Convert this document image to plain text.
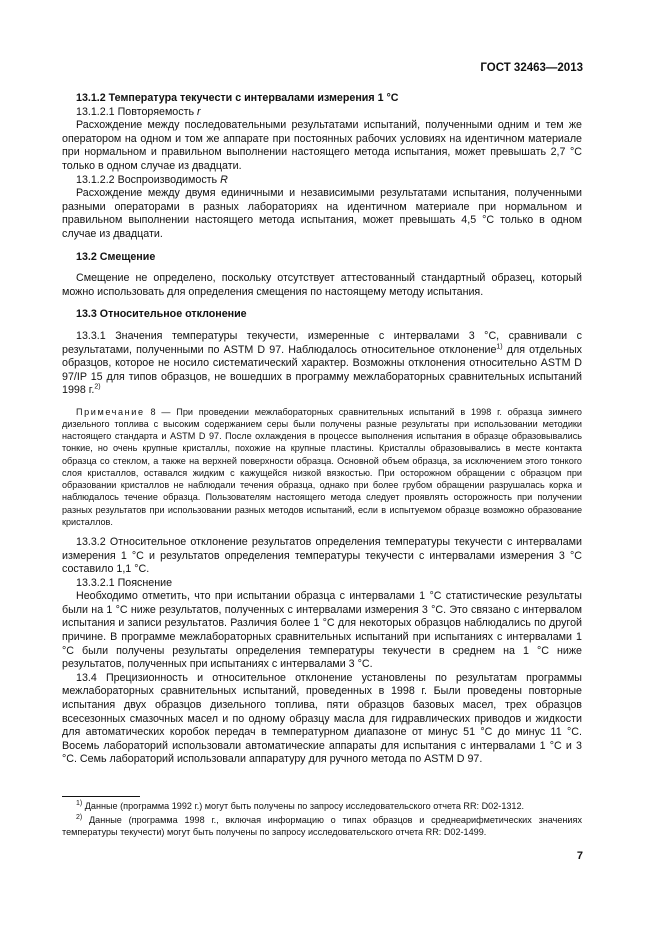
ГОСТ 32463—2013

13.1.2 Температура текучести с интервалами измерения 1 °С

13.1.2.1 Повторяемость r

Расхождение между последовательными результатами испытаний, полученными одним и тем же оператором на одном и том же аппарате при постоянных рабочих условиях на идентичном материале при нормальном и правильном выполнении настоящего метода испытания, может превышать 2,7 °С только в одном случае из двадцати.

13.1.2.2 Воспроизводимость R

Расхождение между двумя единичными и независимыми результатами испытания, полученными разными операторами в разных лабораториях на идентичном материале при нормальном и правильном выполнении настоящего метода испытания, может превышать 4,5 °С только в одном случае из двадцати.

13.2 Смещение

Смещение не определено, поскольку отсутствует аттестованный стандартный образец, который можно использовать для определения смещения по настоящему методу испытания.

13.3 Относительное отклонение

13.3.1 Значения температуры текучести, измеренные с интервалами 3 °С, сравнивали с результатами, полученными по ASTM D 97. Наблюдалось относительное отклонение$^{1)}$ для отдельных образцов, которое не носило систематический характер. Возможны отклонения относительно ASTM D 97/IP 15 для типов образцов, не вошедших в программу межлабораторных сравнительных испытаний 1998 г.$^{2)}$

Примечание 8 — При проведении межлабораторных сравнительных испытаний в 1998 г. образца зимнего дизельного топлива с высоким содержанием серы были получены разные результаты при использовании методики настоящего стандарта и ASTM D 97. После охлаждения в процессе выполнения испытания в образце образовывались тонкие, но очень крупные кристаллы, похожие на крупные пластины. Кристаллы образовывались в месте контакта образца со стеклом, а также на верхней поверхности образца. Основной объем образца, за исключением этого тонкого слоя кристаллов, оставался жидким с кажущейся низкой вязкостью. При осторожном обращении с образцом при образовании кристаллов не наблюдали течения образца, однако при более грубом обращении разрушалась корка и наблюдалось течение образца. Пользователям настоящего метода следует проявлять осторожность при получении разных результатов при использовании разных методов испытаний, если в испытуемом образце возможно образование кристаллов.

13.3.2 Относительное отклонение результатов определения температуры текучести с интервалами измерения 1 °С и результатов определения температуры текучести с интервалами измерения 3 °С составило 1,1 °С.

13.3.2.1 Пояснение

Необходимо отметить, что при испытании образца с интервалами 1 °С статистические результаты были на 1 °С ниже результатов, полученных с интервалами измерения 3 °С. Это связано с интервалом испытания и записи результатов. Различия более 1 °С для некоторых образцов наблюдались по другой причине. В программе межлабораторных сравнительных испытаний при испытаниях с интервалами 1 °С были получены результаты определения температуры текучести в среднем на 1 °С ниже результатов, полученных при испытаниях с интервалами 3 °С.

13.4 Прецизионность и относительное отклонение установлены по результатам программы межлабораторных сравнительных испытаний, проведенных в 1998 г. Были проведены повторные испытания двух образцов дизельного топлива, пяти образцов базовых масел, трех образцов всесезонных смазочных масел и по одному образцу масла для гидравлических приводов и жидкости для автоматических коробок передач в температурном диапазоне от минус 51 °С до минус 11 °С. Восемь лабораторий использовали автоматические аппараты для испытания с интервалами 1 °С и 3 °С. Семь лабораторий использовали аппаратуру для ручного метода по ASTM D 97.

$^{1)}$ Данные (программа 1992 г.) могут быть получены по запросу исследовательского отчета RR: D02-1312.

$^{2)}$ Данные (программа 1998 г., включая информацию о типах образцов и среднеарифметических значениях температуры текучести) могут быть получены по запросу исследовательского отчета RR: D02-1499.

7
